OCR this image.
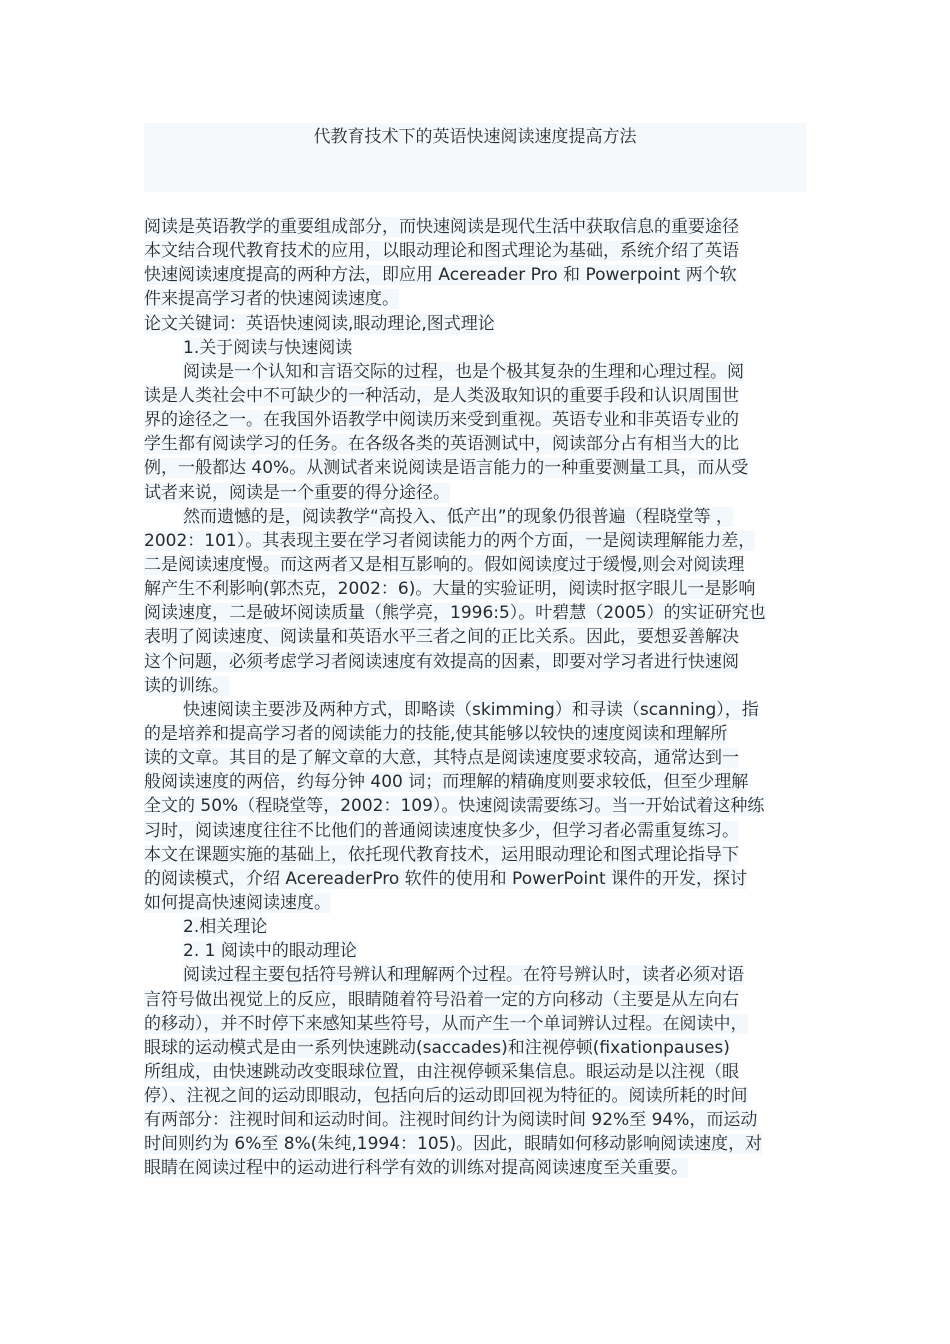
代教育技术下的英语快速阅读速度提高方法
阅读是英语教学的重要组成部分，而快速阅读是现代生活中获取信息的重要途径
本文结合现代教育技术的应用，以眼动理论和图式理论为基础，系统介绍了英语
快速阅读速度提高的两种方法，即应用 Acereader Pro 和 Powerpoint 两个软
件来提高学习者的快速阅读速度。
论文关键词：英语快速阅读,眼动理论,图式理论
1.关于阅读与快速阅读
阅读是一个认知和言语交际的过程，也是个极其复杂的生理和心理过程。阅
读是人类社会中不可缺少的一种活动，是人类汲取知识的重要手段和认识周围世
界的途径之一。在我国外语教学中阅读历来受到重视。英语专业和非英语专业的
学生都有阅读学习的任务。在各级各类的英语测试中，阅读部分占有相当大的比
例，一般都达 40%。从测试者来说阅读是语言能力的一种重要测量工具，而从受
试者来说，阅读是一个重要的得分途径。
然而遗憾的是，阅读教学“高投入、低产出”的现象仍很普遍（程晓堂等 ，
2002：101）。其表现主要在学习者阅读能力的两个方面，一是阅读理解能力差，
二是阅读速度慢。而这两者又是相互影响的。假如阅读度过于缓慢,则会对阅读理
解产生不利影响(郭杰克，2002：6)。大量的实验证明，阅读时抠字眼儿一是影响
阅读速度，二是破坏阅读质量（熊学亮，1996:5）。叶碧慧（2005）的实证研究也
表明了阅读速度、阅读量和英语水平三者之间的正比关系。因此，要想妥善解决
这个问题，必须考虑学习者阅读速度有效提高的因素，即要对学习者进行快速阅
读的训练。
快速阅读主要涉及两种方式，即略读（skimming）和寻读（scanning），指
的是培养和提高学习者的阅读能力的技能,使其能够以较快的速度阅读和理解所
读的文章。其目的是了解文章的大意，其特点是阅读速度要求较高，通常达到一
般阅读速度的两倍，约每分钟 400 词；而理解的精确度则要求较低，但至少理解
全文的 50%（程晓堂等，2002：109）。快速阅读需要练习。当一开始试着这种练
习时，阅读速度往往不比他们的普通阅读速度快多少，但学习者必需重复练习。
本文在课题实施的基础上，依托现代教育技术，运用眼动理论和图式理论指导下
的阅读模式，介绍 AcereaderPro 软件的使用和 PowerPoint 课件的开发，探讨
如何提高快速阅读速度。
2.相关理论
2. 1 阅读中的眼动理论
阅读过程主要包括符号辨认和理解两个过程。在符号辨认时，读者必须对语
言符号做出视觉上的反应，眼睛随着符号沿着一定的方向移动（主要是从左向右
的移动），并不时停下来感知某些符号，从而产生一个单词辨认过程。在阅读中，
眼球的运动模式是由一系列快速跳动(saccades)和注视停顿(fixationpauses)
所组成，由快速跳动改变眼球位置，由注视停顿采集信息。眼运动是以注视（眼
停）、注视之间的运动即眼动，包括向后的运动即回视为特征的。阅读所耗的时间
有两部分：注视时间和运动时间。注视时间约计为阅读时间 92%至 94%，而运动
时间则约为 6%至 8%(朱纯,1994：105)。因此，眼睛如何移动影响阅读速度，对
眼睛在阅读过程中的运动进行科学有效的训练对提高阅读速度至关重要。
